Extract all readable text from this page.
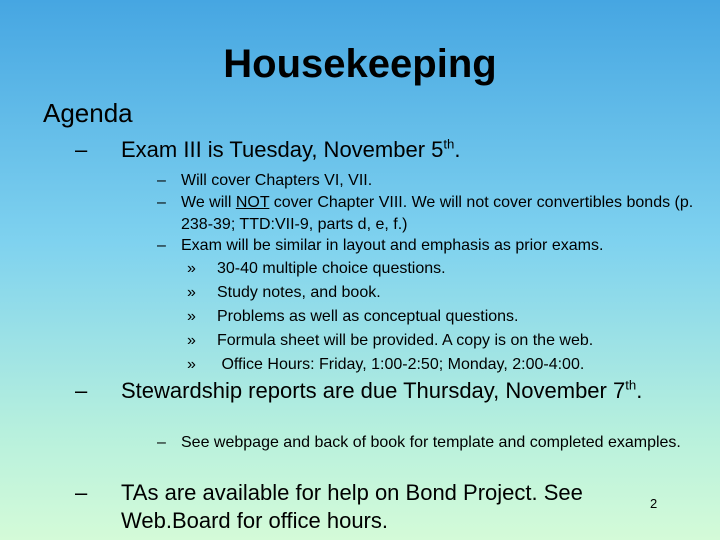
Housekeeping
Agenda
–	Exam III is Tuesday, November 5th.
– Will cover Chapters VI, VII.
– We will NOT cover Chapter VIII. We will not cover convertibles bonds (p. 238-39; TTD:VII-9, parts d, e, f.)
– Exam will be similar in layout and emphasis as prior exams.
» 30-40 multiple choice questions.
» Study notes, and book.
» Problems as well as conceptual questions.
» Formula sheet will be provided. A copy is on the web.
» Office Hours: Friday, 1:00-2:50; Monday, 2:00-4:00.
–	Stewardship reports are due Thursday, November 7th.
– See webpage and back of book for template and completed examples.
–	TAs are available for help on Bond Project. See Web.Board for office hours.
2
